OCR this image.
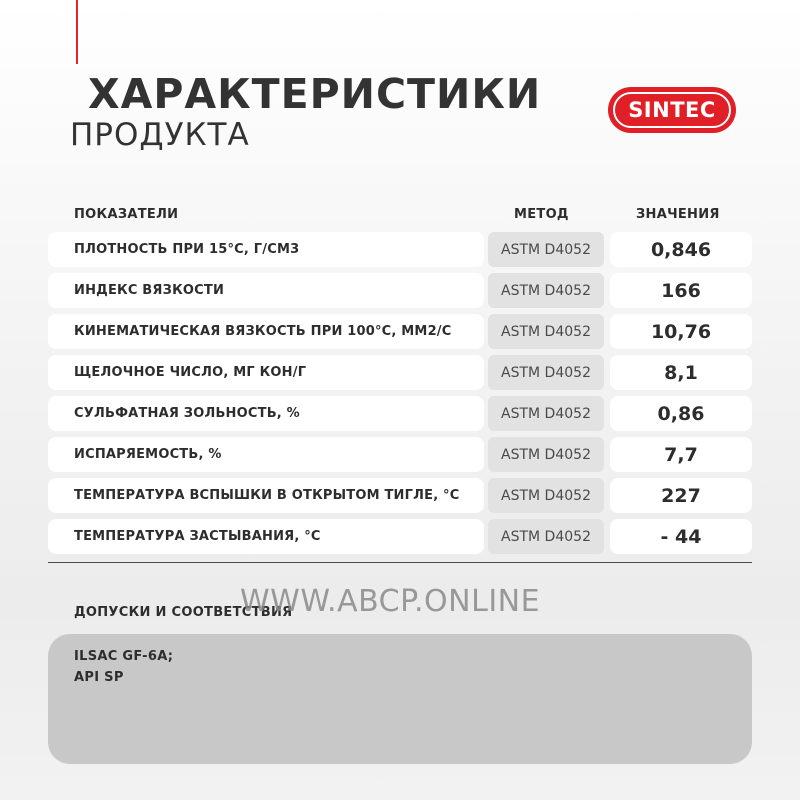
ХАРАКТЕРИСТИКИ
ПРОДУКТА
SINTEC
ПОКАЗАТЕЛИ	МЕТОД	ЗНАЧЕНИЯ
ПЛОТНОСТЬ ПРИ 15°С, Г/СМ3	ASTM D4052	0,846
ИНДЕКС ВЯЗКОСТИ	ASTM D4052	166
КИНЕМАТИЧЕСКАЯ ВЯЗКОСТЬ ПРИ 100°С, ММ2/С	ASTM D4052	10,76
ЩЕЛОЧНОЕ ЧИСЛО, МГ КОН/Г	ASTM D4052	8,1
СУЛЬФАТНАЯ ЗОЛЬНОСТЬ, %	ASTM D4052	0,86
ИСПАРЯЕМОСТЬ, %	ASTM D4052	7,7
ТЕМПЕРАТУРА ВСПЫШКИ В ОТКРЫТОМ ТИГЛЕ, °С	ASTM D4052	227
ТЕМПЕРАТУРА ЗАСТЫВАНИЯ, °С	ASTM D4052	- 44
ДОПУСКИ И СООТВЕТСТВИЯ
WWW.ABCP.ONLINE
ILSAC GF-6A;
API SP
